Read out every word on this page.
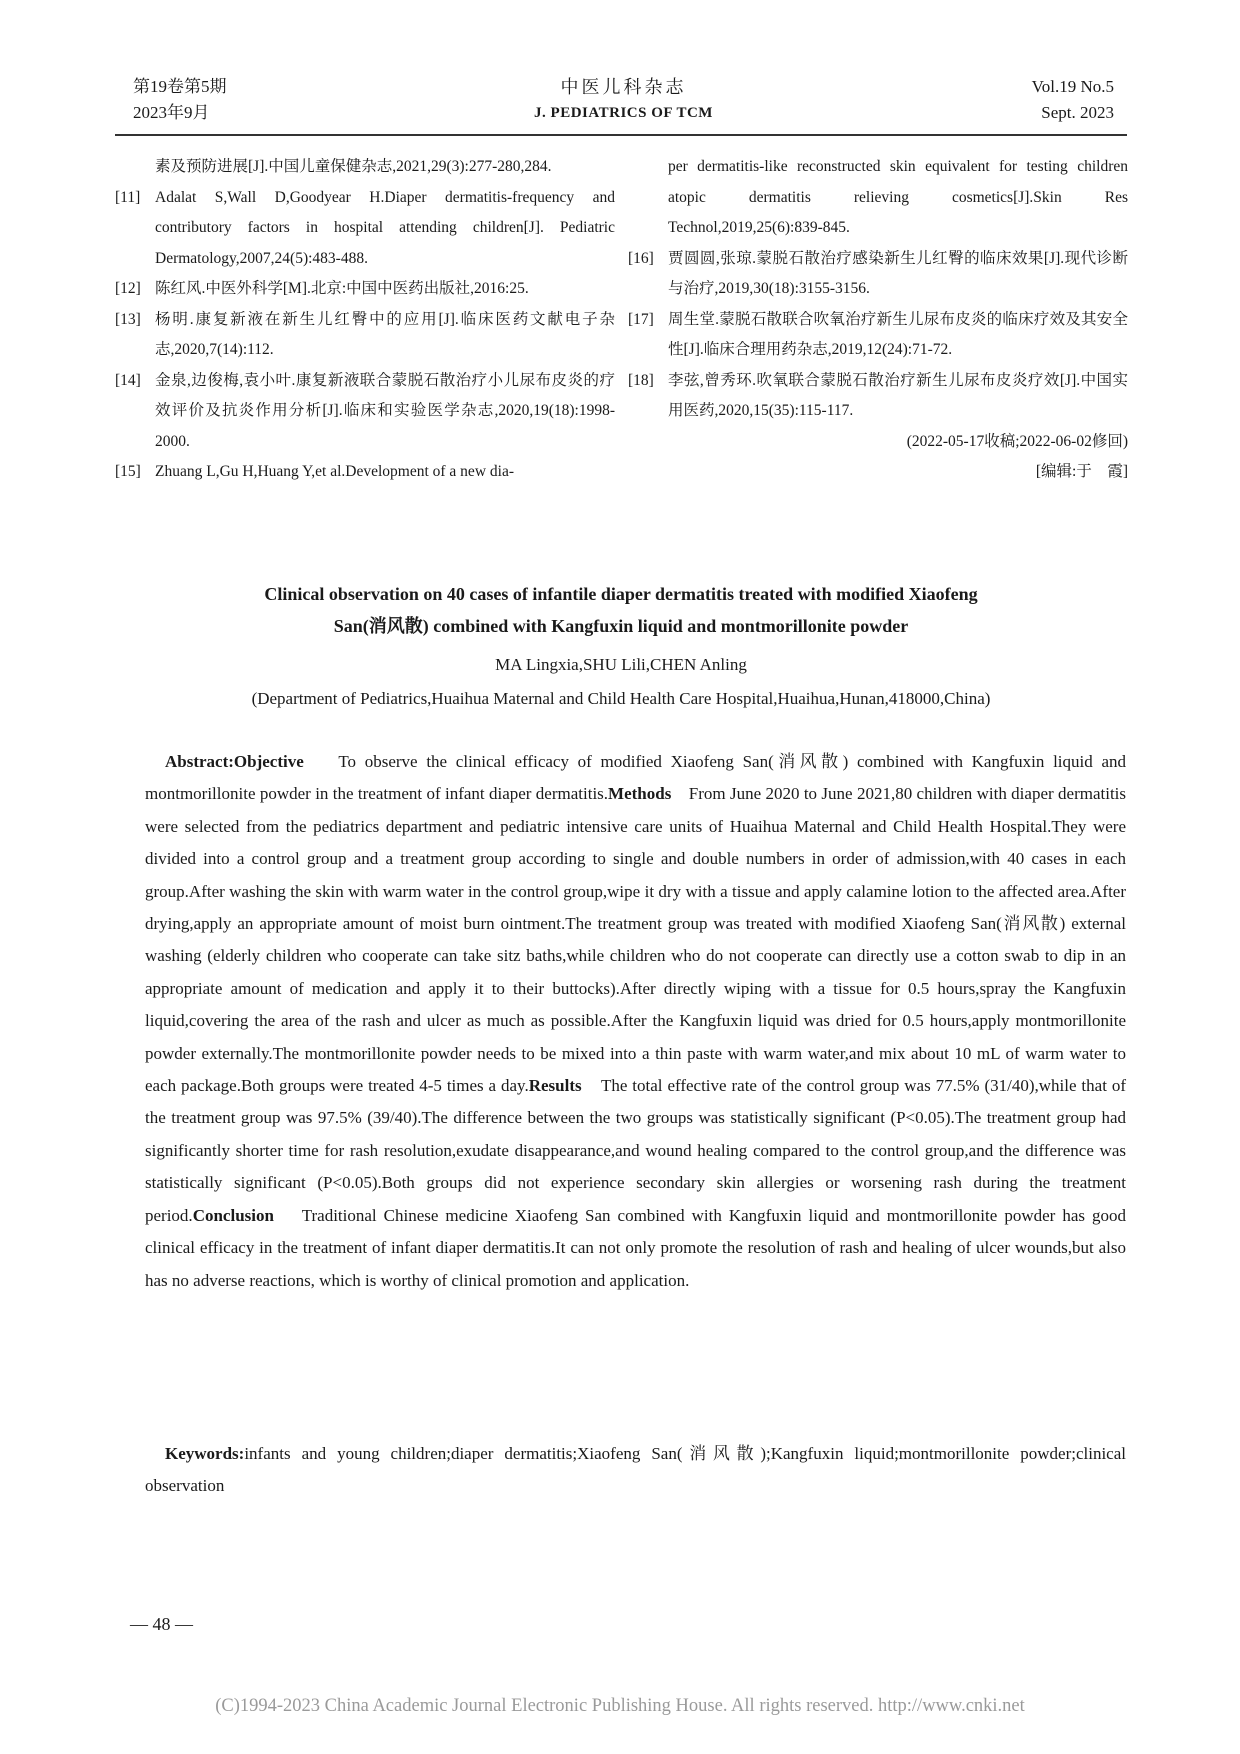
第19卷第5期
2023年9月
中医儿科杂志
J. PEDIATRICS OF TCM
Vol.19 No.5
Sept. 2023

素及预防进展[J].中国儿童保健杂志,2021,29(3):277-280,284.

[11] Adalat S,Wall D,Goodyear H.Diaper dermatitis-frequency and contributory factors in hospital attending children[J]. Pediatric Dermatology,2007,24(5):483-488.

[12] 陈红风.中医外科学[M].北京:中国中医药出版社,2016:25.

[13] 杨明.康复新液在新生儿红臀中的应用[J].临床医药文献电子杂志,2020,7(14):112.

[14] 金泉,边俊梅,袁小叶.康复新液联合蒙脱石散治疗小儿尿布皮炎的疗效评价及抗炎作用分析[J].临床和实验医学杂志,2020,19(18):1998-2000.

[15] Zhuang L,Gu H,Huang Y,et al.Development of a new dia-

per dermatitis-like reconstructed skin equivalent for testing children atopic dermatitis relieving cosmetics[J].Skin Res Technol,2019,25(6):839-845.

[16] 贾圆圆,张琼.蒙脱石散治疗感染新生儿红臀的临床效果[J].现代诊断与治疗,2019,30(18):3155-3156.

[17] 周生堂.蒙脱石散联合吹氧治疗新生儿尿布皮炎的临床疗效及其安全性[J].临床合理用药杂志,2019,12(24):71-72.

[18] 李弦,曾秀环.吹氧联合蒙脱石散治疗新生儿尿布皮炎疗效[J].中国实用医药,2020,15(35):115-117.

(2022-05-17收稿;2022-06-02修回)
[编辑:于　霞]
Clinical observation on 40 cases of infantile diaper dermatitis treated with modified Xiaofeng
San(消风散) combined with Kangfuxin liquid and montmorillonite powder
MA Lingxia,SHU Lili,CHEN Anling
(Department of Pediatrics,Huaihua Maternal and Child Health Care Hospital,Huaihua,Hunan,418000,China)

Abstract:Objective To observe the clinical efficacy of modified Xiaofeng San(消风散) combined with Kangfuxin liquid and montmorillonite powder in the treatment of infant diaper dermatitis.Methods From June 2020 to June 2021,80 children with diaper dermatitis were selected from the pediatrics department and pediatric intensive care units of Huaihua Maternal and Child Health Hospital.They were divided into a control group and a treatment group according to single and double numbers in order of admission,with 40 cases in each group.After washing the skin with warm water in the control group,wipe it dry with a tissue and apply calamine lotion to the affected area.After drying,apply an appropriate amount of moist burn ointment.The treatment group was treated with modified Xiaofeng San(消风散) external washing (elderly children who cooperate can take sitz baths,while children who do not cooperate can directly use a cotton swab to dip in an appropriate amount of medication and apply it to their buttocks).After directly wiping with a tissue for 0.5 hours,spray the Kangfuxin liquid,covering the area of the rash and ulcer as much as possible.After the Kangfuxin liquid was dried for 0.5 hours,apply montmorillonite powder externally.The montmorillonite powder needs to be mixed into a thin paste with warm water,and mix about 10 mL of warm water to each package.Both groups were treated 4-5 times a day.Results The total effective rate of the control group was 77.5% (31/40),while that of the treatment group was 97.5% (39/40).The difference between the two groups was statistically significant (P<0.05).The treatment group had significantly shorter time for rash resolution,exudate disappearance,and wound healing compared to the control group,and the difference was statistically significant (P<0.05).Both groups did not experience secondary skin allergies or worsening rash during the treatment period.Conclusion Traditional Chinese medicine Xiaofeng San combined with Kangfuxin liquid and montmorillonite powder has good clinical efficacy in the treatment of infant diaper dermatitis.It can not only promote the resolution of rash and healing of ulcer wounds,but also has no adverse reactions, which is worthy of clinical promotion and application.

Keywords:infants and young children;diaper dermatitis;Xiaofeng San(消风散);Kangfuxin liquid;montmorillonite powder;clinical observation

— 48 —
(C)1994-2023 China Academic Journal Electronic Publishing House. All rights reserved. http://www.cnki.net
